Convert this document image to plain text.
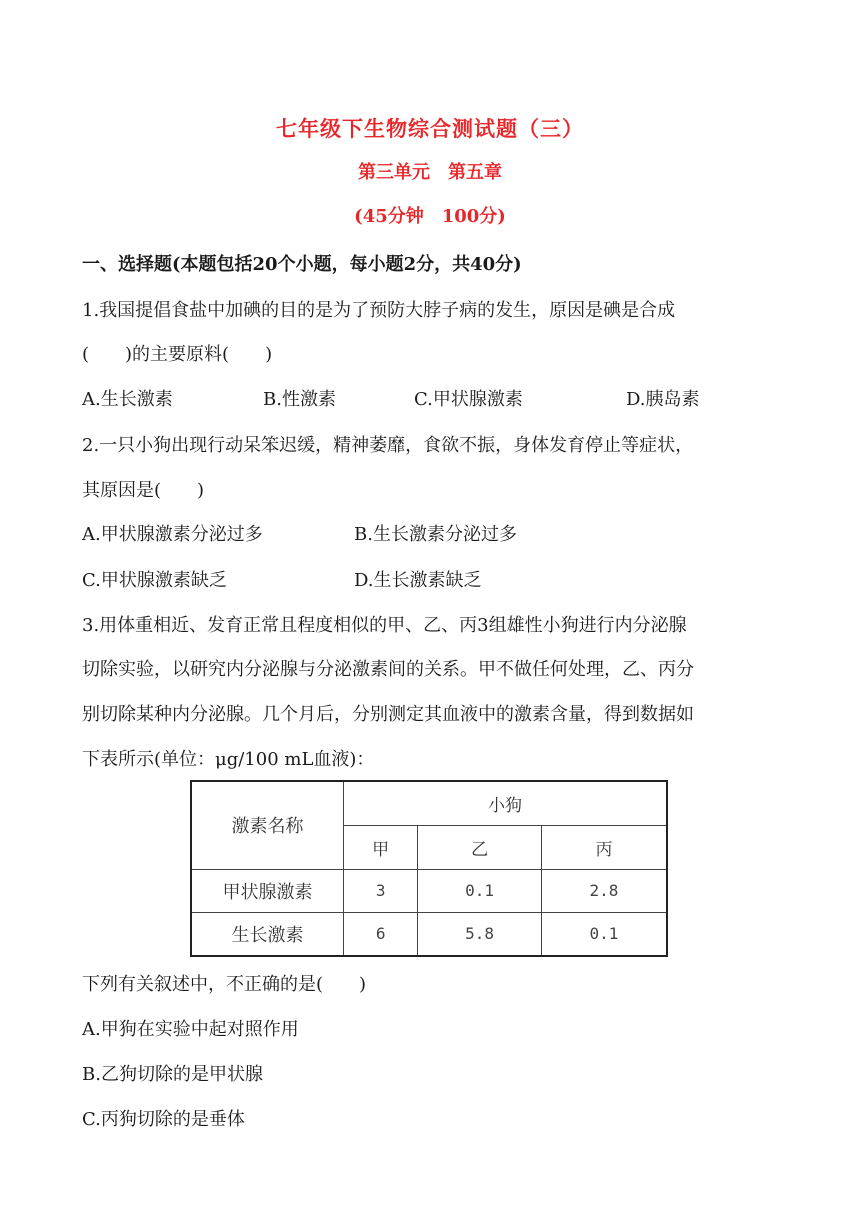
七年级下生物综合测试题（三）
第三单元　第五章
(45分钟　100分)
一、选择题(本题包括20个小题，每小题2分，共40分)
1.我国提倡食盐中加碘的目的是为了预防大脖子病的发生，原因是碘是合成
(　　)的主要原料(　　)
A.生长激素	B.性激素	C.甲状腺激素	D.胰岛素
2.一只小狗出现行动呆笨迟缓，精神萎靡，食欲不振，身体发育停止等症状，
其原因是(　　)
A.甲状腺激素分泌过多	B.生长激素分泌过多
C.甲状腺激素缺乏	D.生长激素缺乏
3.用体重相近、发育正常且程度相似的甲、乙、丙3组雄性小狗进行内分泌腺
切除实验，以研究内分泌腺与分泌激素间的关系。甲不做任何处理，乙、丙分
别切除某种内分泌腺。几个月后，分别测定其血液中的激素含量，得到数据如
下表所示(单位：μg/100 mL血液)：
激素名称	小狗		
	甲	乙	丙
甲状腺激素	3	0.1	2.8
生长激素	6	5.8	0.1
下列有关叙述中，不正确的是(　　)
A.甲狗在实验中起对照作用
B.乙狗切除的是甲状腺
C.丙狗切除的是垂体
